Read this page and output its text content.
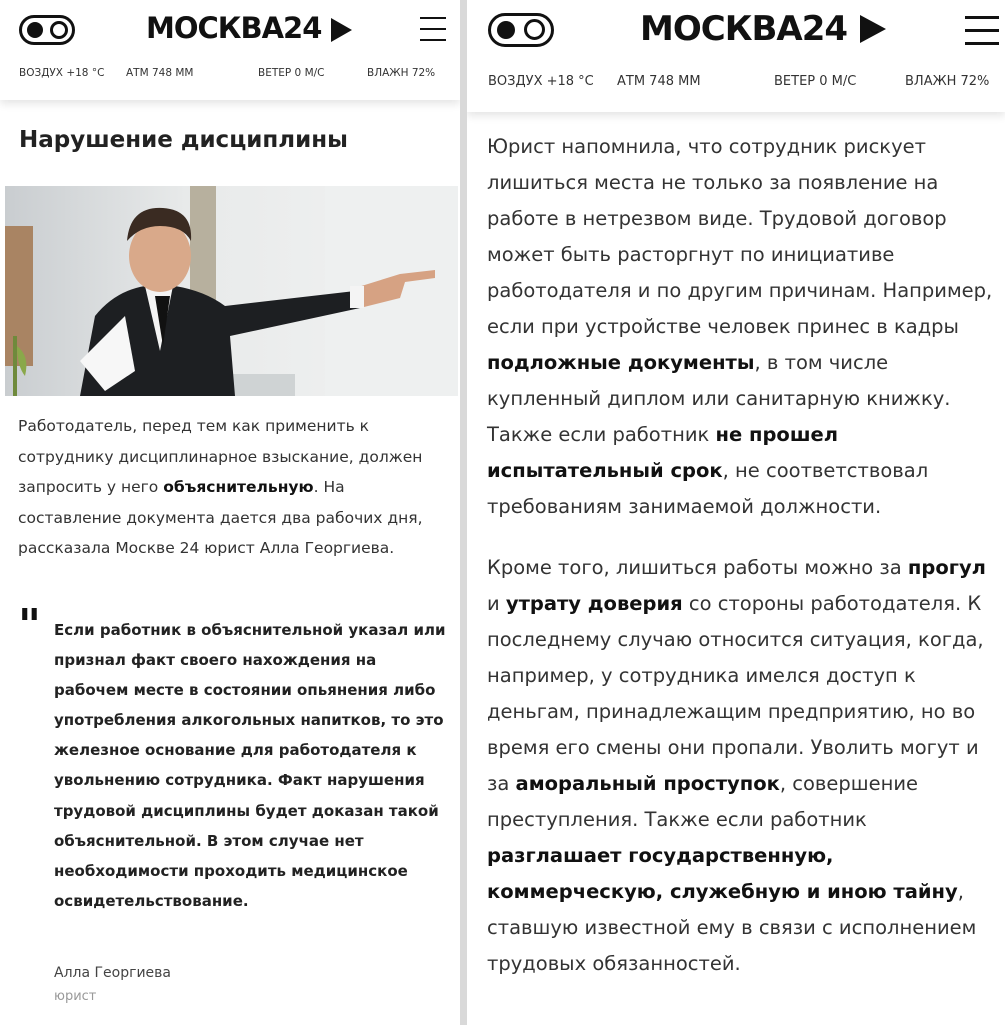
МОСКВА24
ВОЗДУХ +18 °С АТМ 748 ММ	ВЕТЕР 0 М/С	ВЛАЖН 72%
Нарушение дисциплины

Работодатель, перед тем как применить к сотруднику дисциплинарное взыскание, должен запросить у него объяснительную. На составление документа дается два рабочих дня, рассказала Москве 24 юрист Алла Георгиева.

" Если работник в объяснительной указал или признал факт своего нахождения на рабочем месте в состоянии опьянения либо употребления алкогольных напитков, то это железное основание для работодателя к увольнению сотрудника. Факт нарушения трудовой дисциплины будет доказан такой объяснительной. В этом случае нет необходимости проходить медицинское освидетельствование.

Алла Георгиева
юрист
МОСКВА24
ВОЗДУХ +18 °С АТМ 748 ММ	ВЕТЕР 0 М/С	ВЛАЖН 72%

Юрист напомнила, что сотрудник рискует лишиться места не только за появление на работе в нетрезвом виде. Трудовой договор может быть расторгнут по инициативе работодателя и по другим причинам. Например, если при устройстве человек принес в кадры подложные документы, в том числе купленный диплом или санитарную книжку. Также если работник не прошел испытательный срок, не соответствовал требованиям занимаемой должности.

Кроме того, лишиться работы можно за прогул и утрату доверия со стороны работодателя. К последнему случаю относится ситуация, когда, например, у сотрудника имелся доступ к деньгам, принадлежащим предприятию, но во время его смены они пропали. Уволить могут и за аморальный проступок, совершение преступления. Также если работник разглашает государственную, коммерческую, служебную и иною тайну, ставшую известной ему в связи с исполнением трудовых обязанностей.
